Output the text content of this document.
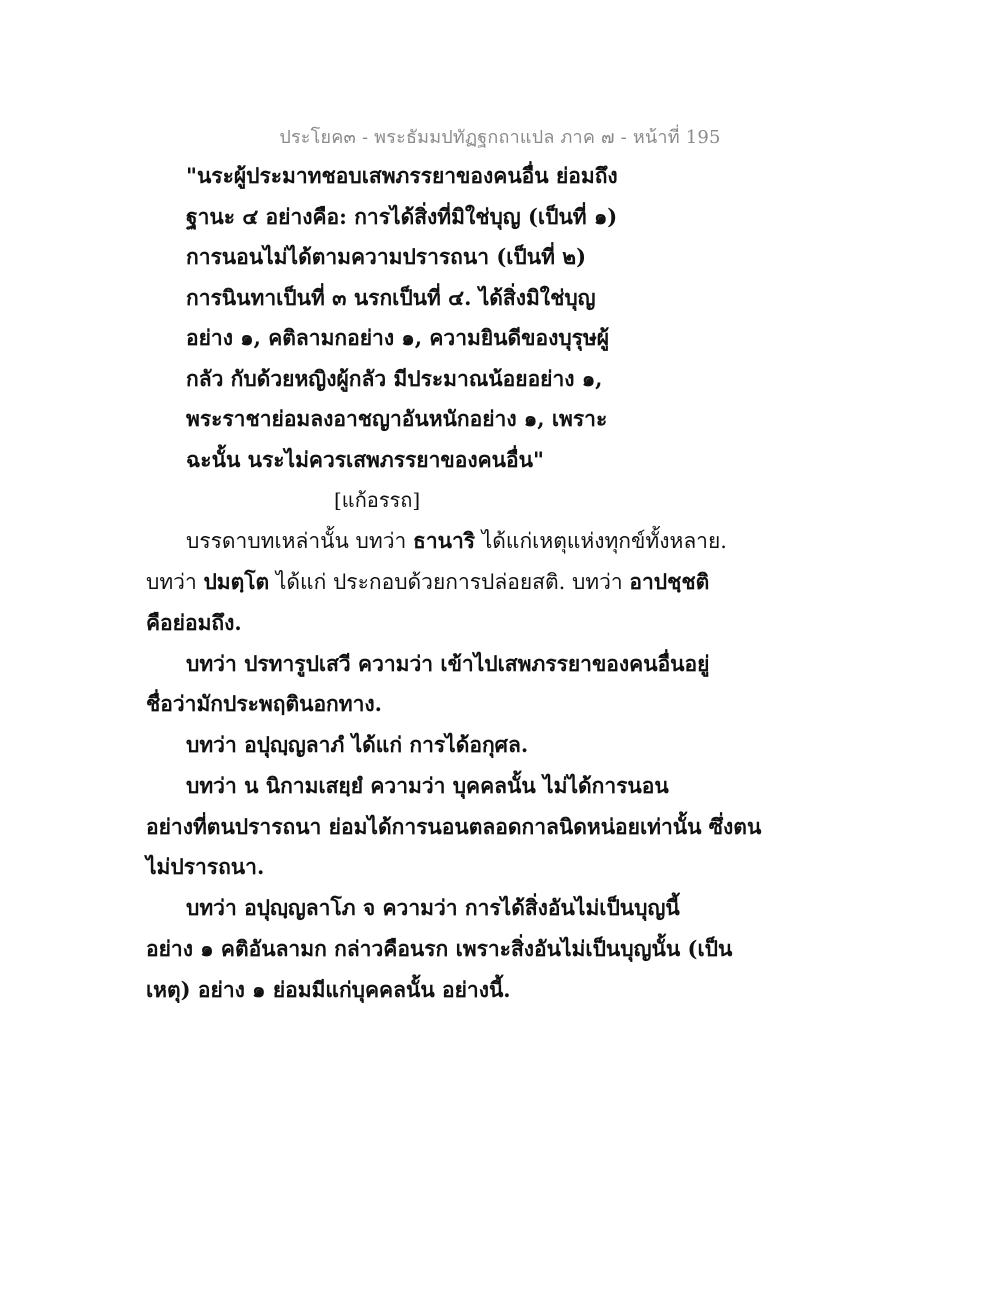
ประโยค๓ - พระธัมมปทัฏฐกถาแปล ภาค ๗ - หน้าที่ 195
"นระผู้ประมาทชอบเสพภรรยาของคนอื่น ย่อมถึง
ฐานะ ๔ อย่างคือ: การได้สิ่งที่มิใช่บุญ (เป็นที่ ๑)
การนอนไม่ได้ตามความปรารถนา (เป็นที่ ๒)
การนินทาเป็นที่ ๓ นรกเป็นที่ ๔. ได้สิ่งมิใช่บุญ
อย่าง ๑, คติลามกอย่าง ๑, ความยินดีของบุรุษผู้
กลัว กับด้วยหญิงผู้กลัว มีประมาณน้อยอย่าง ๑,
พระราชาย่อมลงอาชญาอันหนักอย่าง ๑, เพราะ
ฉะนั้น นระไม่ควรเสพภรรยาของคนอื่น"
[แก้อรรถ]
บรรดาบทเหล่านั้น บทว่า ธานาริ ได้แก่เหตุแห่งทุกข์ทั้งหลาย.
บทว่า ปมตฺโต ได้แก่ ประกอบด้วยการปล่อยสติ. บทว่า อาปชฺชติ
คือย่อมถึง.
บทว่า ปรทารูปเสวี ความว่า เข้าไปเสพภรรยาของคนอื่นอยู่
ชื่อว่ามักประพฤตินอกทาง.
บทว่า อปุญฺญลาภํ ได้แก่ การได้อกุศล.
บทว่า น นิกามเสยฺยํ ความว่า บุคคลนั้น ไม่ได้การนอน
อย่างที่ตนปรารถนา ย่อมได้การนอนตลอดกาลนิดหน่อยเท่านั้น ซึ่งตน
ไม่ปรารถนา.
บทว่า อปุญฺญลาโภ จ ความว่า การได้สิ่งอันไม่เป็นบุญนี้
อย่าง ๑ คติอันลามก กล่าวคือนรก เพราะสิ่งอันไม่เป็นบุญนั้น (เป็น
เหตุ) อย่าง ๑ ย่อมมีแก่บุคคลนั้น อย่างนี้.
